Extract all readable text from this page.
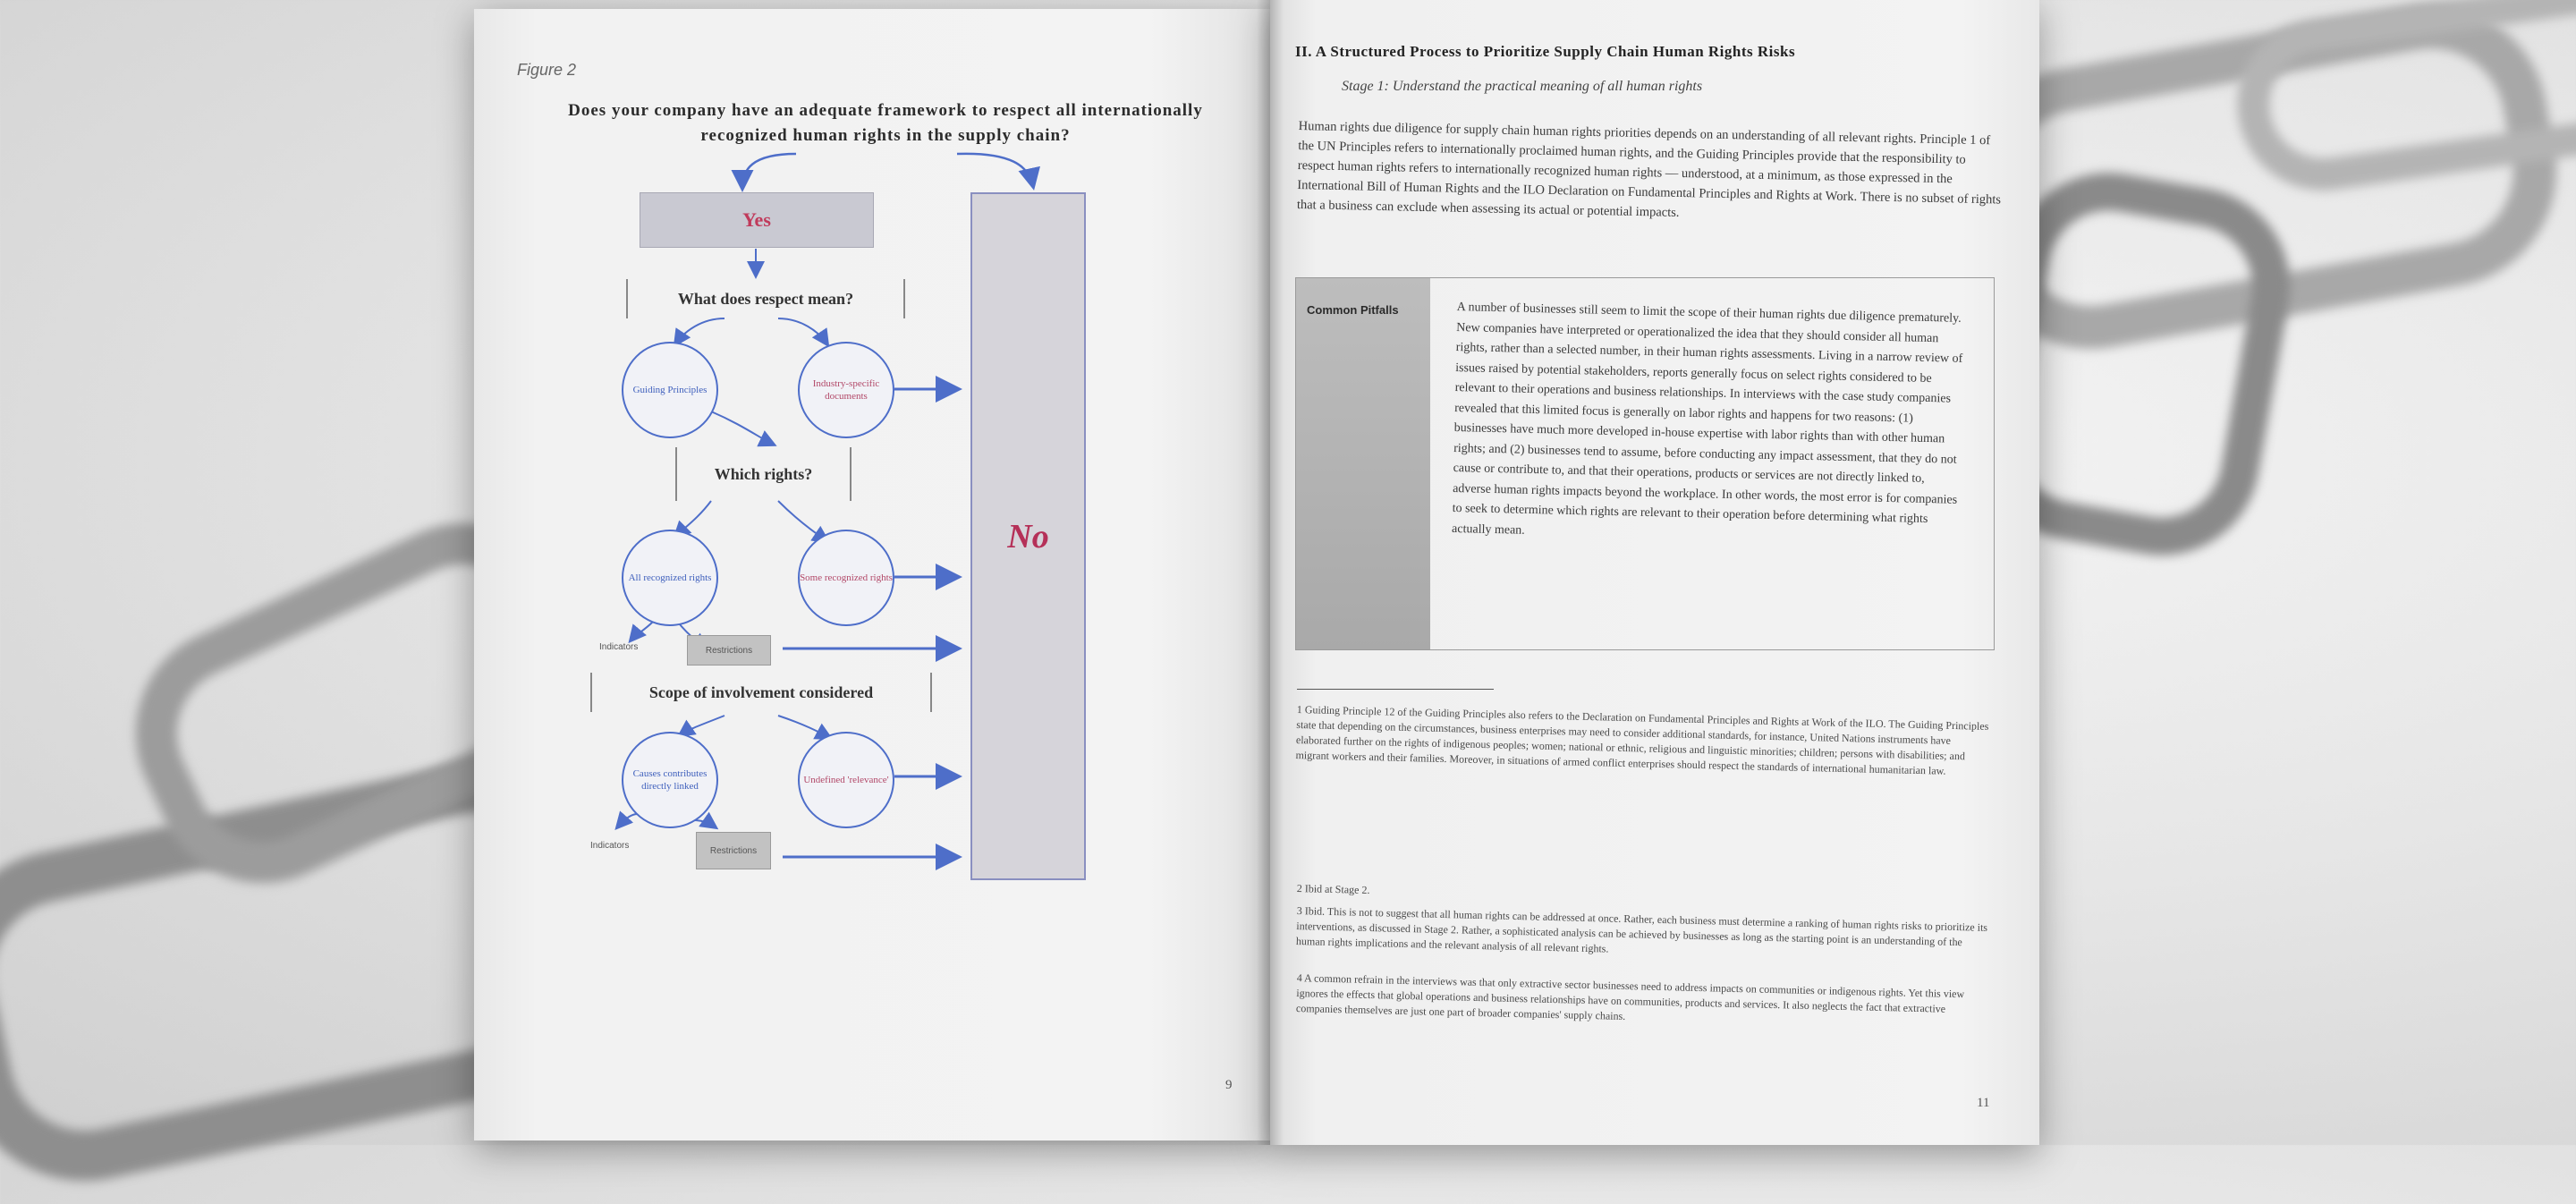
Figure 2
Does your company have an adequate framework to respect all internationally recognized human rights in the supply chain?
Yes
No
What does respect mean?
Guiding Principles
Industry-specific documents
Which rights?
All recognized rights	Some recognized rights
Indicators	Restrictions
Scope of involvement considered
Causes contributes directly linked
Undefined 'relevance'
Indicators	Restrictions
9
II. A Structured Process to Prioritize Supply Chain Human Rights Risks
Stage 1: Understand the practical meaning of all human rights
Human rights due diligence for supply chain human rights priorities depends on an understanding of all relevant rights. Principle 1 of the UN Principles refers to internationally proclaimed human rights, and the Guiding Principles provide that the responsibility to respect human rights refers to internationally recognized human rights — understood, at a minimum, as those expressed in the International Bill of Human Rights and the ILO Declaration on Fundamental Principles and Rights at Work. There is no subset of rights that a business can exclude when assessing its actual or potential impacts.
Common Pitfalls	A number of businesses still seem to limit the scope of their human rights due diligence prematurely. New companies have interpreted or operationalized the idea that they should consider all human rights, rather than a selected number, in their human rights assessments. Living in a narrow review of issues raised by potential stakeholders, reports generally focus on select rights considered to be relevant to their operations and business relationships. In interviews with the case study companies revealed that this limited focus is generally on labor rights and happens for two reasons: (1) businesses have much more developed in-house expertise with labor rights than with other human rights; and (2) businesses tend to assume, before conducting any impact assessment, that they do not cause or contribute to, and that their operations, products or services are not directly linked to, adverse human rights impacts beyond the workplace. In other words, the most error is for companies to seek to determine which rights are relevant to their operation before determining what rights actually mean.
1 Guiding Principle 12 of the Guiding Principles also refers to the Declaration on Fundamental Principles and Rights at Work of the ILO. The Guiding Principles state that depending on the circumstances, business enterprises may need to consider additional standards, for instance, United Nations instruments have elaborated further on the rights of indigenous peoples; women; national or ethnic, religious and linguistic minorities; children; persons with disabilities; and migrant workers and their families. Moreover, in situations of armed conflict enterprises should respect the standards of international humanitarian law.
2 Ibid at Stage 2.
3 Ibid. This is not to suggest that all human rights can be addressed at once. Rather, each business must determine a ranking of human rights risks to prioritize its interventions, as discussed in Stage 2. Rather, a sophisticated analysis can be achieved by businesses as long as the starting point is an understanding of the human rights implications and the relevant analysis of all relevant rights.
4 A common refrain in the interviews was that only extractive sector businesses need to address impacts on communities or indigenous rights. Yet this view ignores the effects that global operations and business relationships have on communities, products and services. It also neglects the fact that extractive companies themselves are just one part of broader companies' supply chains.
11
